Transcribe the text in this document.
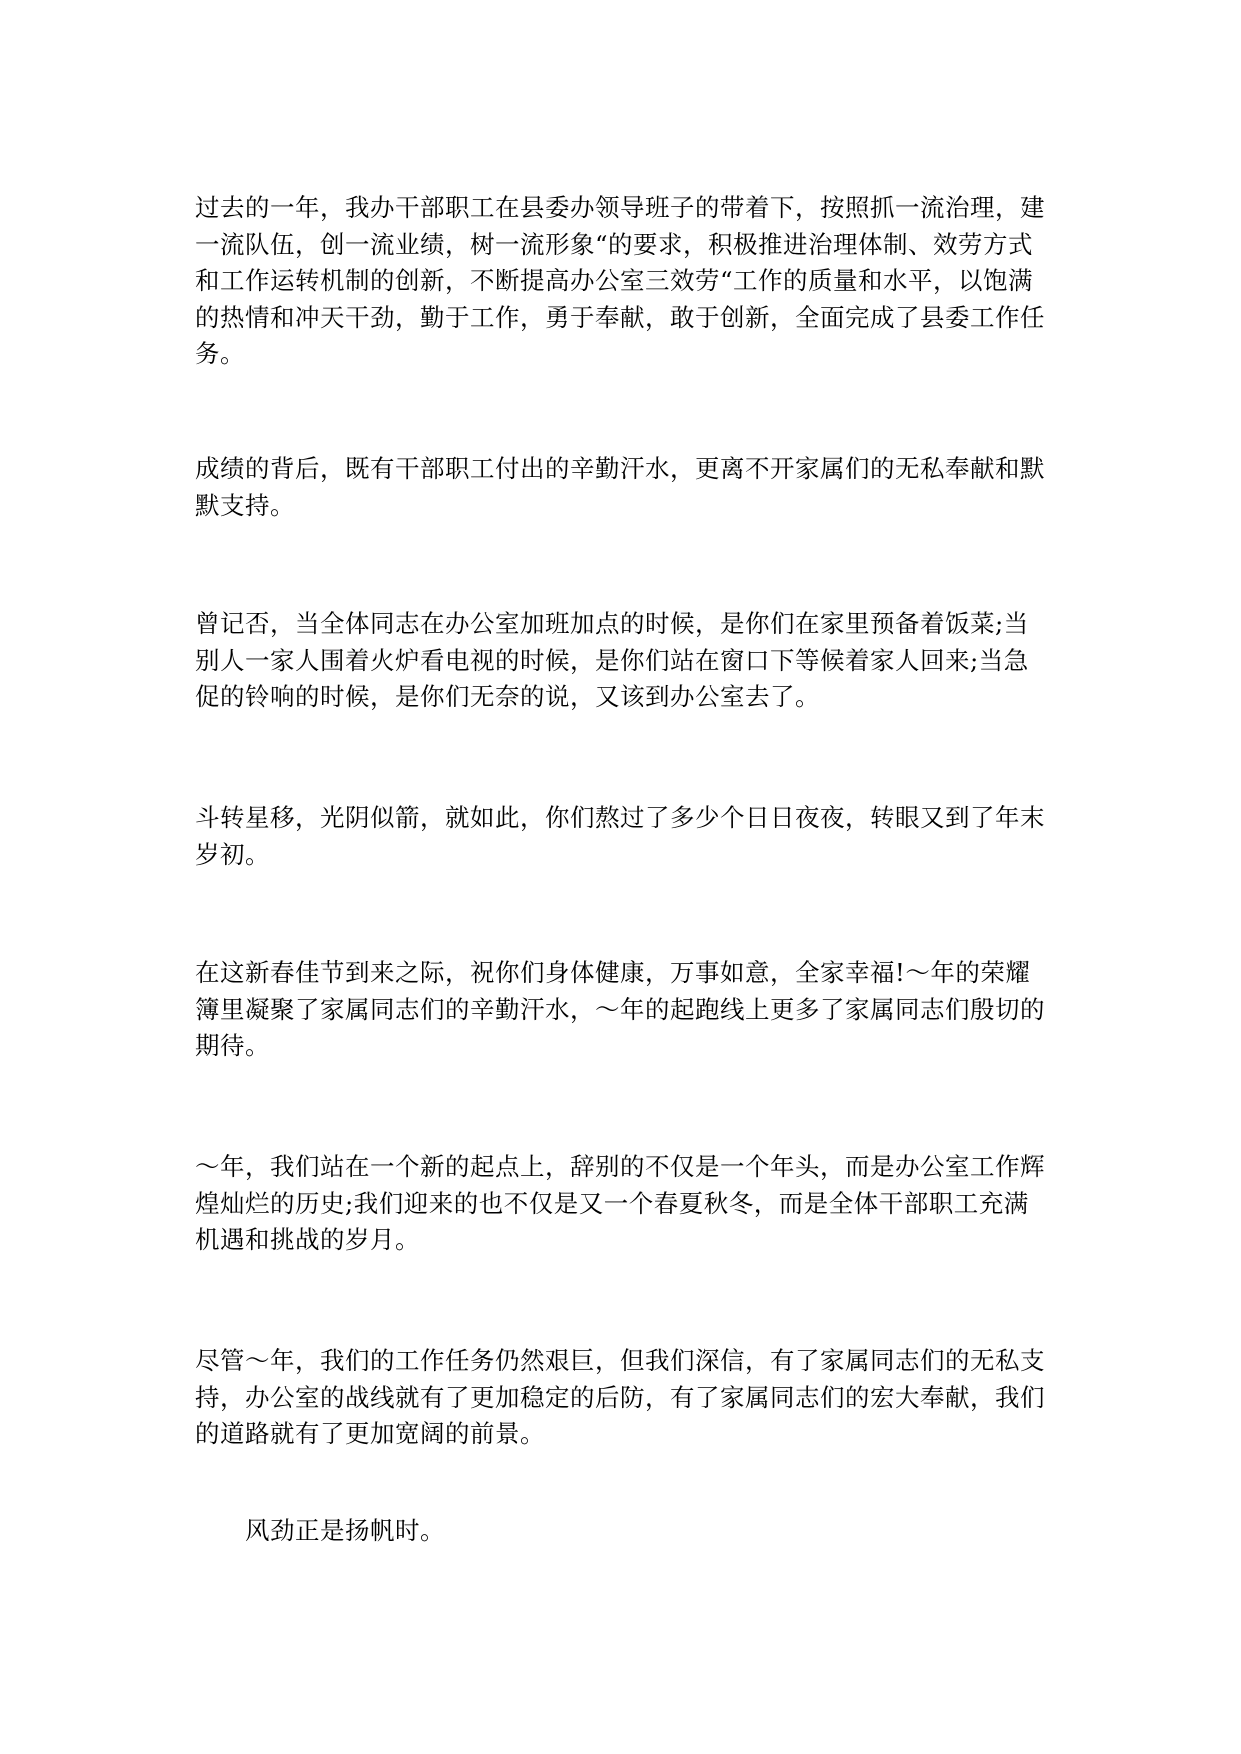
过去的一年，我办干部职工在县委办领导班子的带着下，按照抓一流治理，建
一流队伍，创一流业绩，树一流形象“的要求，积极推进治理体制、效劳方式
和工作运转机制的创新，不断提高办公室三效劳“工作的质量和水平，以饱满
的热情和冲天干劲，勤于工作，勇于奉献，敢于创新，全面完成了县委工作任
务。

成绩的背后，既有干部职工付出的辛勤汗水，更离不开家属们的无私奉献和默
默支持。

曾记否，当全体同志在办公室加班加点的时候，是你们在家里预备着饭菜;当
别人一家人围着火炉看电视的时候，是你们站在窗口下等候着家人回来;当急
促的铃响的时候，是你们无奈的说，又该到办公室去了。

斗转星移，光阴似箭，就如此，你们熬过了多少个日日夜夜，转眼又到了年末
岁初。

在这新春佳节到来之际，祝你们身体健康，万事如意，全家幸福!～年的荣耀
簿里凝聚了家属同志们的辛勤汗水，～年的起跑线上更多了家属同志们殷切的
期待。

～年，我们站在一个新的起点上，辞别的不仅是一个年头，而是办公室工作辉
煌灿烂的历史;我们迎来的也不仅是又一个春夏秋冬，而是全体干部职工充满
机遇和挑战的岁月。

尽管～年，我们的工作任务仍然艰巨，但我们深信，有了家属同志们的无私支
持，办公室的战线就有了更加稳定的后防，有了家属同志们的宏大奉献，我们
的道路就有了更加宽阔的前景。

风劲正是扬帆时。
